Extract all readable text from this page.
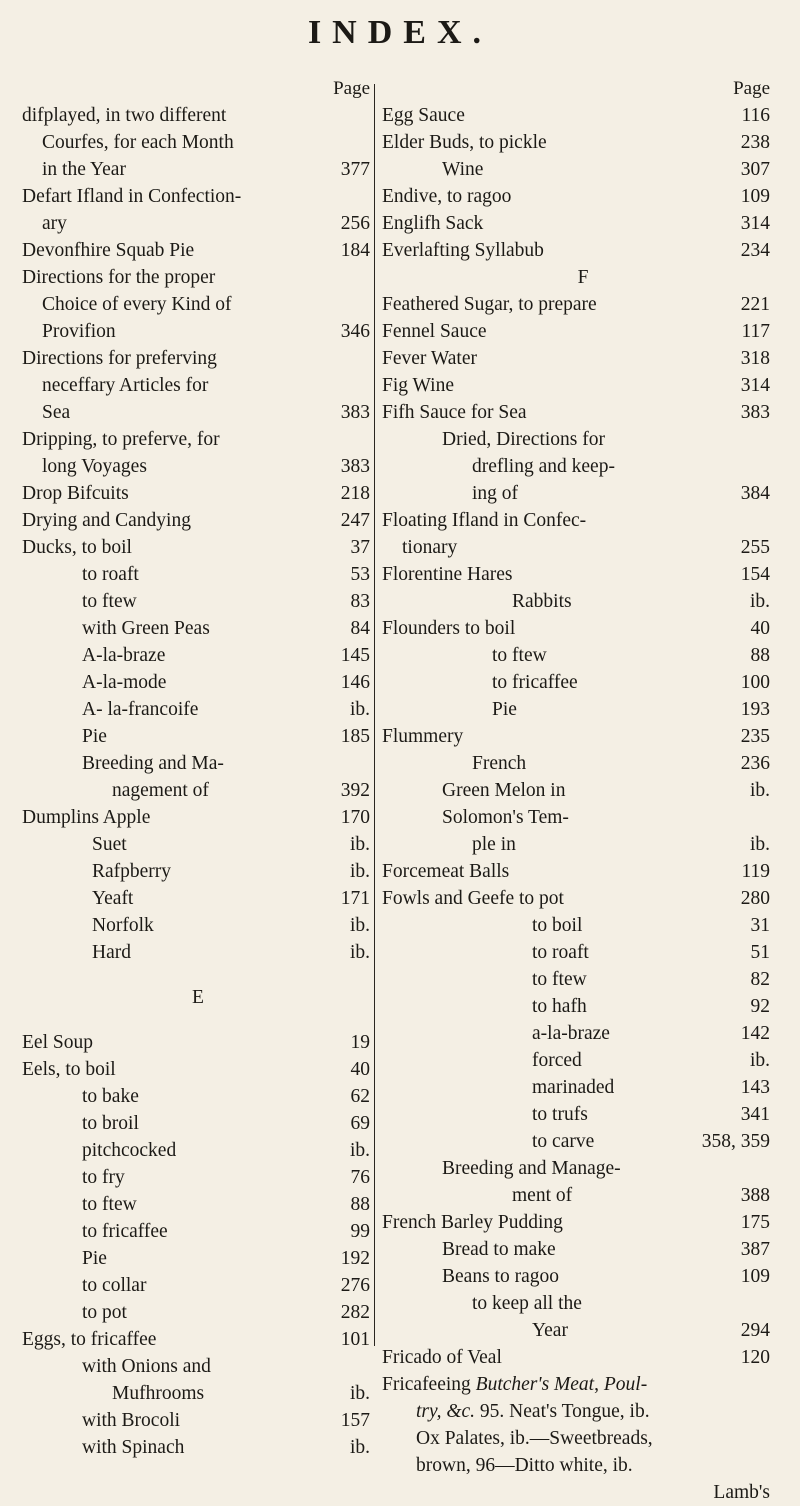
INDEX.
Page
difplayed, in two different
Courfes, for each Month
in the Year	377
Defart Ifland in Confection-
ary	256
Devonfhire Squab Pie	184
Directions for the proper
Choice of every Kind of
Provifion	346
Directions for preferving
neceffary Articles for
Sea	383
Dripping, to preferve, for
long Voyages	383
Drop Bifcuits	218
Drying and Candying	247
Ducks, to boil	37
to roaft	53
to ftew	83
with Green Peas	84
A-la-braze	145
A-la-mode	146
A- la-francoife	ib.
Pie	185
Breeding and Ma-
nagement of	392
Dumplins Apple	170
Suet	ib.
Rafpberry	ib.
Yeaft	171
Norfolk	ib.
Hard	ib.
E
Eel Soup	19
Eels, to boil	40
to bake	62
to broil	69
pitchcocked	ib.
to fry	76
to ftew	88
to fricaffee	99
Pie	192
to collar	276
to pot	282
Eggs, to fricaffee	101
with Onions and
Mufhrooms	ib.
with Brocoli	157
with Spinach	ib.
Page
Egg Sauce	116
Elder Buds, to pickle	238
Wine	307
Endive, to ragoo	109
Englifh Sack	314
Everlafting Syllabub	234
F
Feathered Sugar, to prepare	221
Fennel Sauce	117
Fever Water	318
Fig Wine	314
Fifh Sauce for Sea	383
Dried, Directions for
drefling and keep-
ing of	384
Floating Ifland in Confec-
tionary	255
Florentine Hares	154
Rabbits	ib.
Flounders to boil	40
to ftew	88
to fricaffee	100
Pie	193
Flummery	235
French	236
Green Melon in	ib.
Solomon's Tem-
ple in	ib.
Forcemeat Balls	119
Fowls and Geefe to pot	280
to boil	31
to roaft	51
to ftew	82
to hafh	92
a-la-braze	142
forced	ib.
marinaded	143
to trufs	341
to carve	358, 359
Breeding and Manage-
ment of	388
French Barley Pudding	175
Bread to make	387
Beans to ragoo	109
to keep all the
Year	294
Fricado of Veal	120
Fricafeeing Butcher's Meat, Poul-
try, &c. 95. Neat's Tongue, ib.
Ox Palates, ib.—Sweetbreads,
brown, 96—Ditto white, ib.
Lamb's
